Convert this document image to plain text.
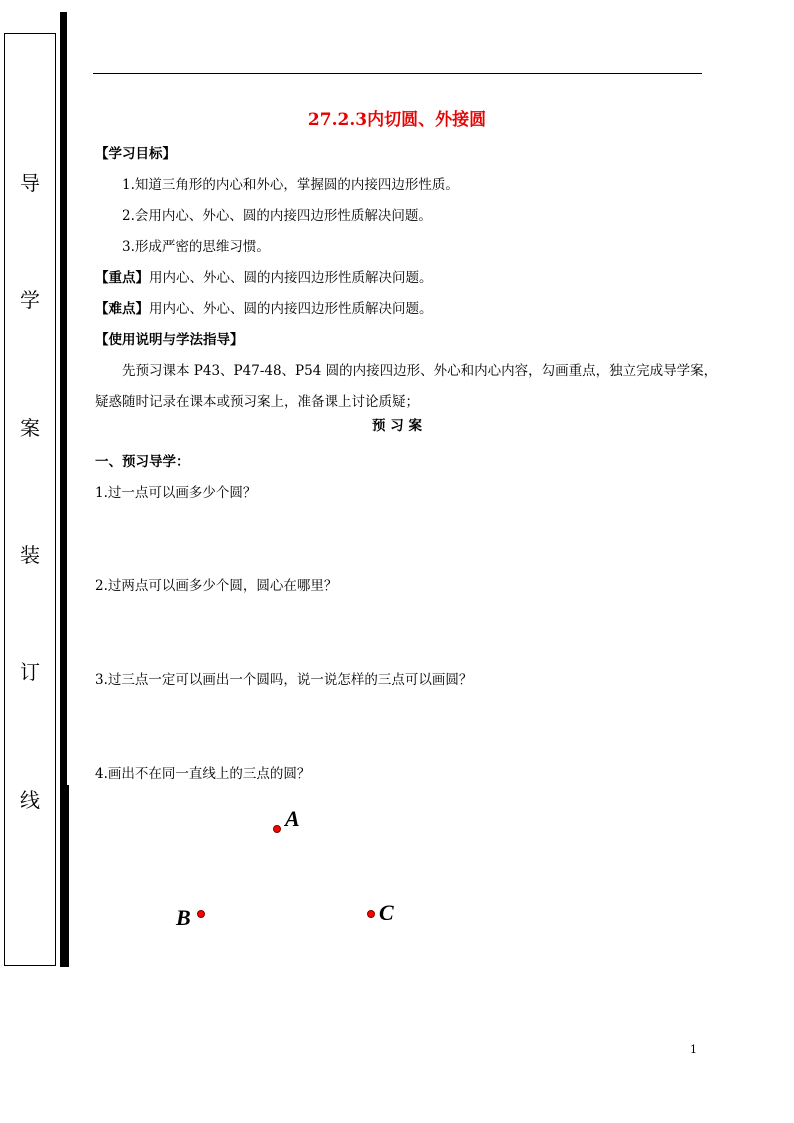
导
学
案
装
订
线
27.2.3内切圆、外接圆
【学习目标】
1.知道三角形的内心和外心，掌握圆的内接四边形性质。
2.会用内心、外心、圆的内接四边形性质解决问题。
3.形成严密的思维习惯。
【重点】用内心、外心、圆的内接四边形性质解决问题。
【难点】用内心、外心、圆的内接四边形性质解决问题。
【使用说明与学法指导】
先预习课本 P43、P47-48、P54 圆的内接四边形、外心和内心内容，勾画重点，独立完成导学案，
疑惑随时记录在课本或预习案上，准备课上讨论质疑；
预 习 案
一、预习导学：
1.过一点可以画多少个圆？
2.过两点可以画多少个圆，圆心在哪里？
3.过三点一定可以画出一个圆吗，说一说怎样的三点可以画圆？
4.画出不在同一直线上的三点的圆？
A
B	C
1
